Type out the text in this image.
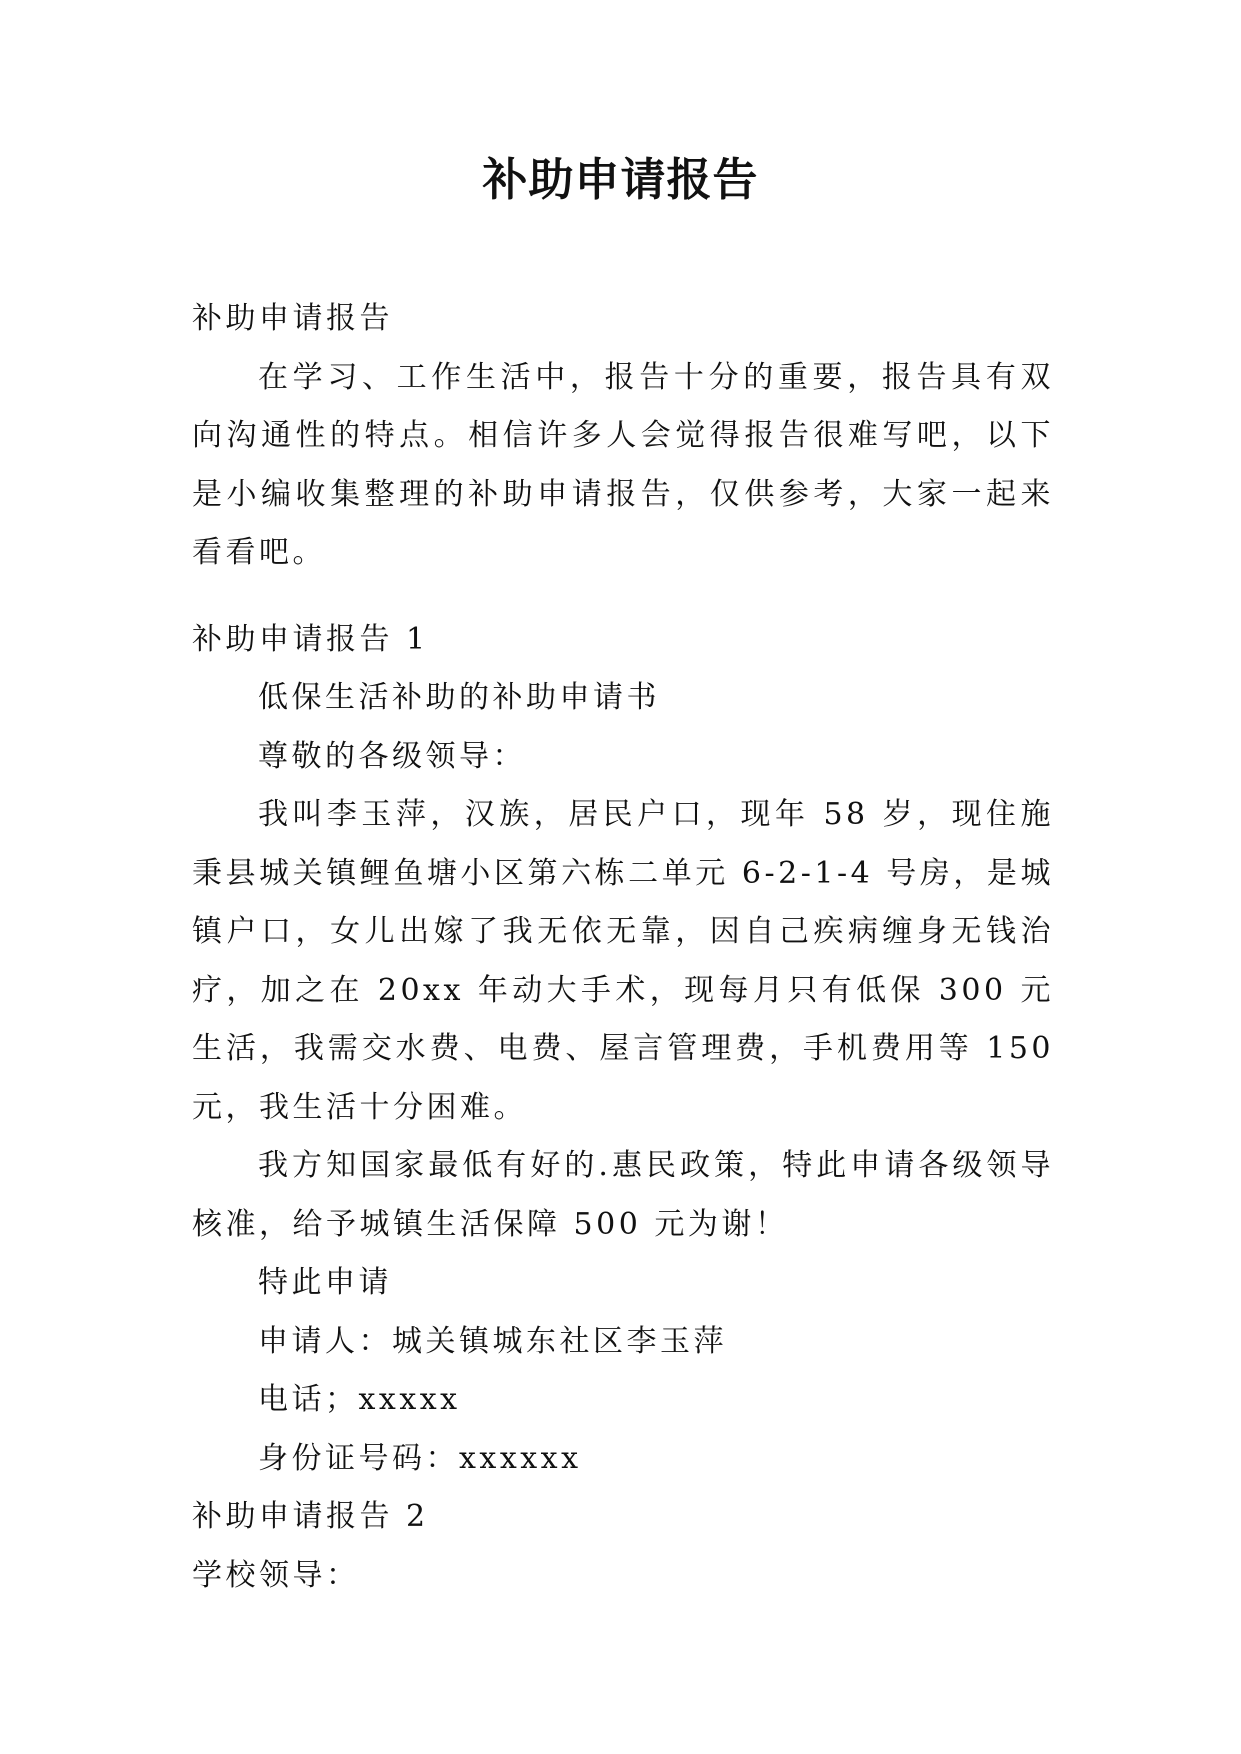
补助申请报告

补助申请报告

在学习、工作生活中，报告十分的重要，报告具有双向沟通性的特点。相信许多人会觉得报告很难写吧，以下是小编收集整理的补助申请报告，仅供参考，大家一起来看看吧。

补助申请报告 1

低保生活补助的补助申请书

尊敬的各级领导：

我叫李玉萍，汉族，居民户口，现年 58 岁，现住施秉县城关镇鲤鱼塘小区第六栋二单元 6-2-1-4 号房，是城镇户口，女儿出嫁了我无依无靠，因自己疾病缠身无钱治疗，加之在 20xx 年动大手术，现每月只有低保 300 元生活，我需交水费、电费、屋言管理费，手机费用等 150 元，我生活十分困难。

我方知国家最低有好的.惠民政策，特此申请各级领导核准，给予城镇生活保障 500 元为谢！

特此申请

申请人：城关镇城东社区李玉萍

电话；xxxxx

身份证号码：xxxxxx

补助申请报告 2

学校领导：
